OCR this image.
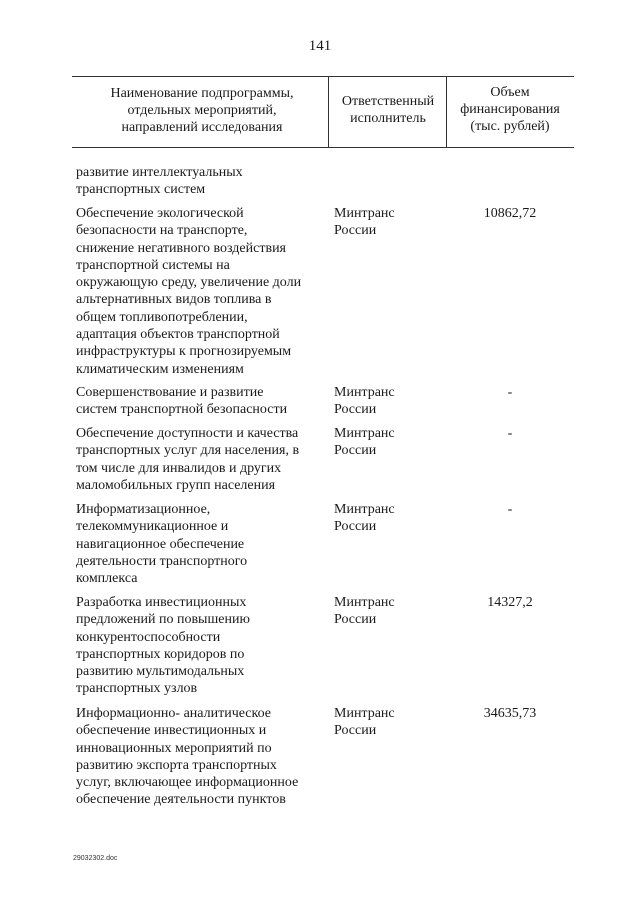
141
Наименование подпрограммы,
отдельных мероприятий,
направлений исследования
Ответственный
исполнитель
Объем
финансирования
(тыс. рублей)
развитие интеллектуальных
транспортных систем
Обеспечение экологической
безопасности на транспорте,
снижение негативного воздействия
транспортной системы на
окружающую среду, увеличение доли
альтернативных видов топлива в
общем топливопотреблении,
адаптация объектов транспортной
инфраструктуры к прогнозируемым
климатическим изменениям
Минтранс
России
10862,72
Совершенствование и развитие
систем транспортной безопасности
Минтранс
России
-
Обеспечение доступности и качества
транспортных услуг для населения, в
том числе для инвалидов и других
маломобильных групп населения
Минтранс
России
-
Информатизационное,
телекоммуникационное и
навигационное обеспечение
деятельности транспортного
комплекса
Минтранс
России
-
Разработка инвестиционных
предложений по повышению
конкурентоспособности
транспортных коридоров по
развитию мультимодальных
транспортных узлов
Минтранс
России
14327,2
Информационно- аналитическое
обеспечение инвестиционных и
инновационных мероприятий по
развитию экспорта транспортных
услуг, включающее информационное
обеспечение деятельности пунктов
Минтранс
России
34635,73
29032302.doc
